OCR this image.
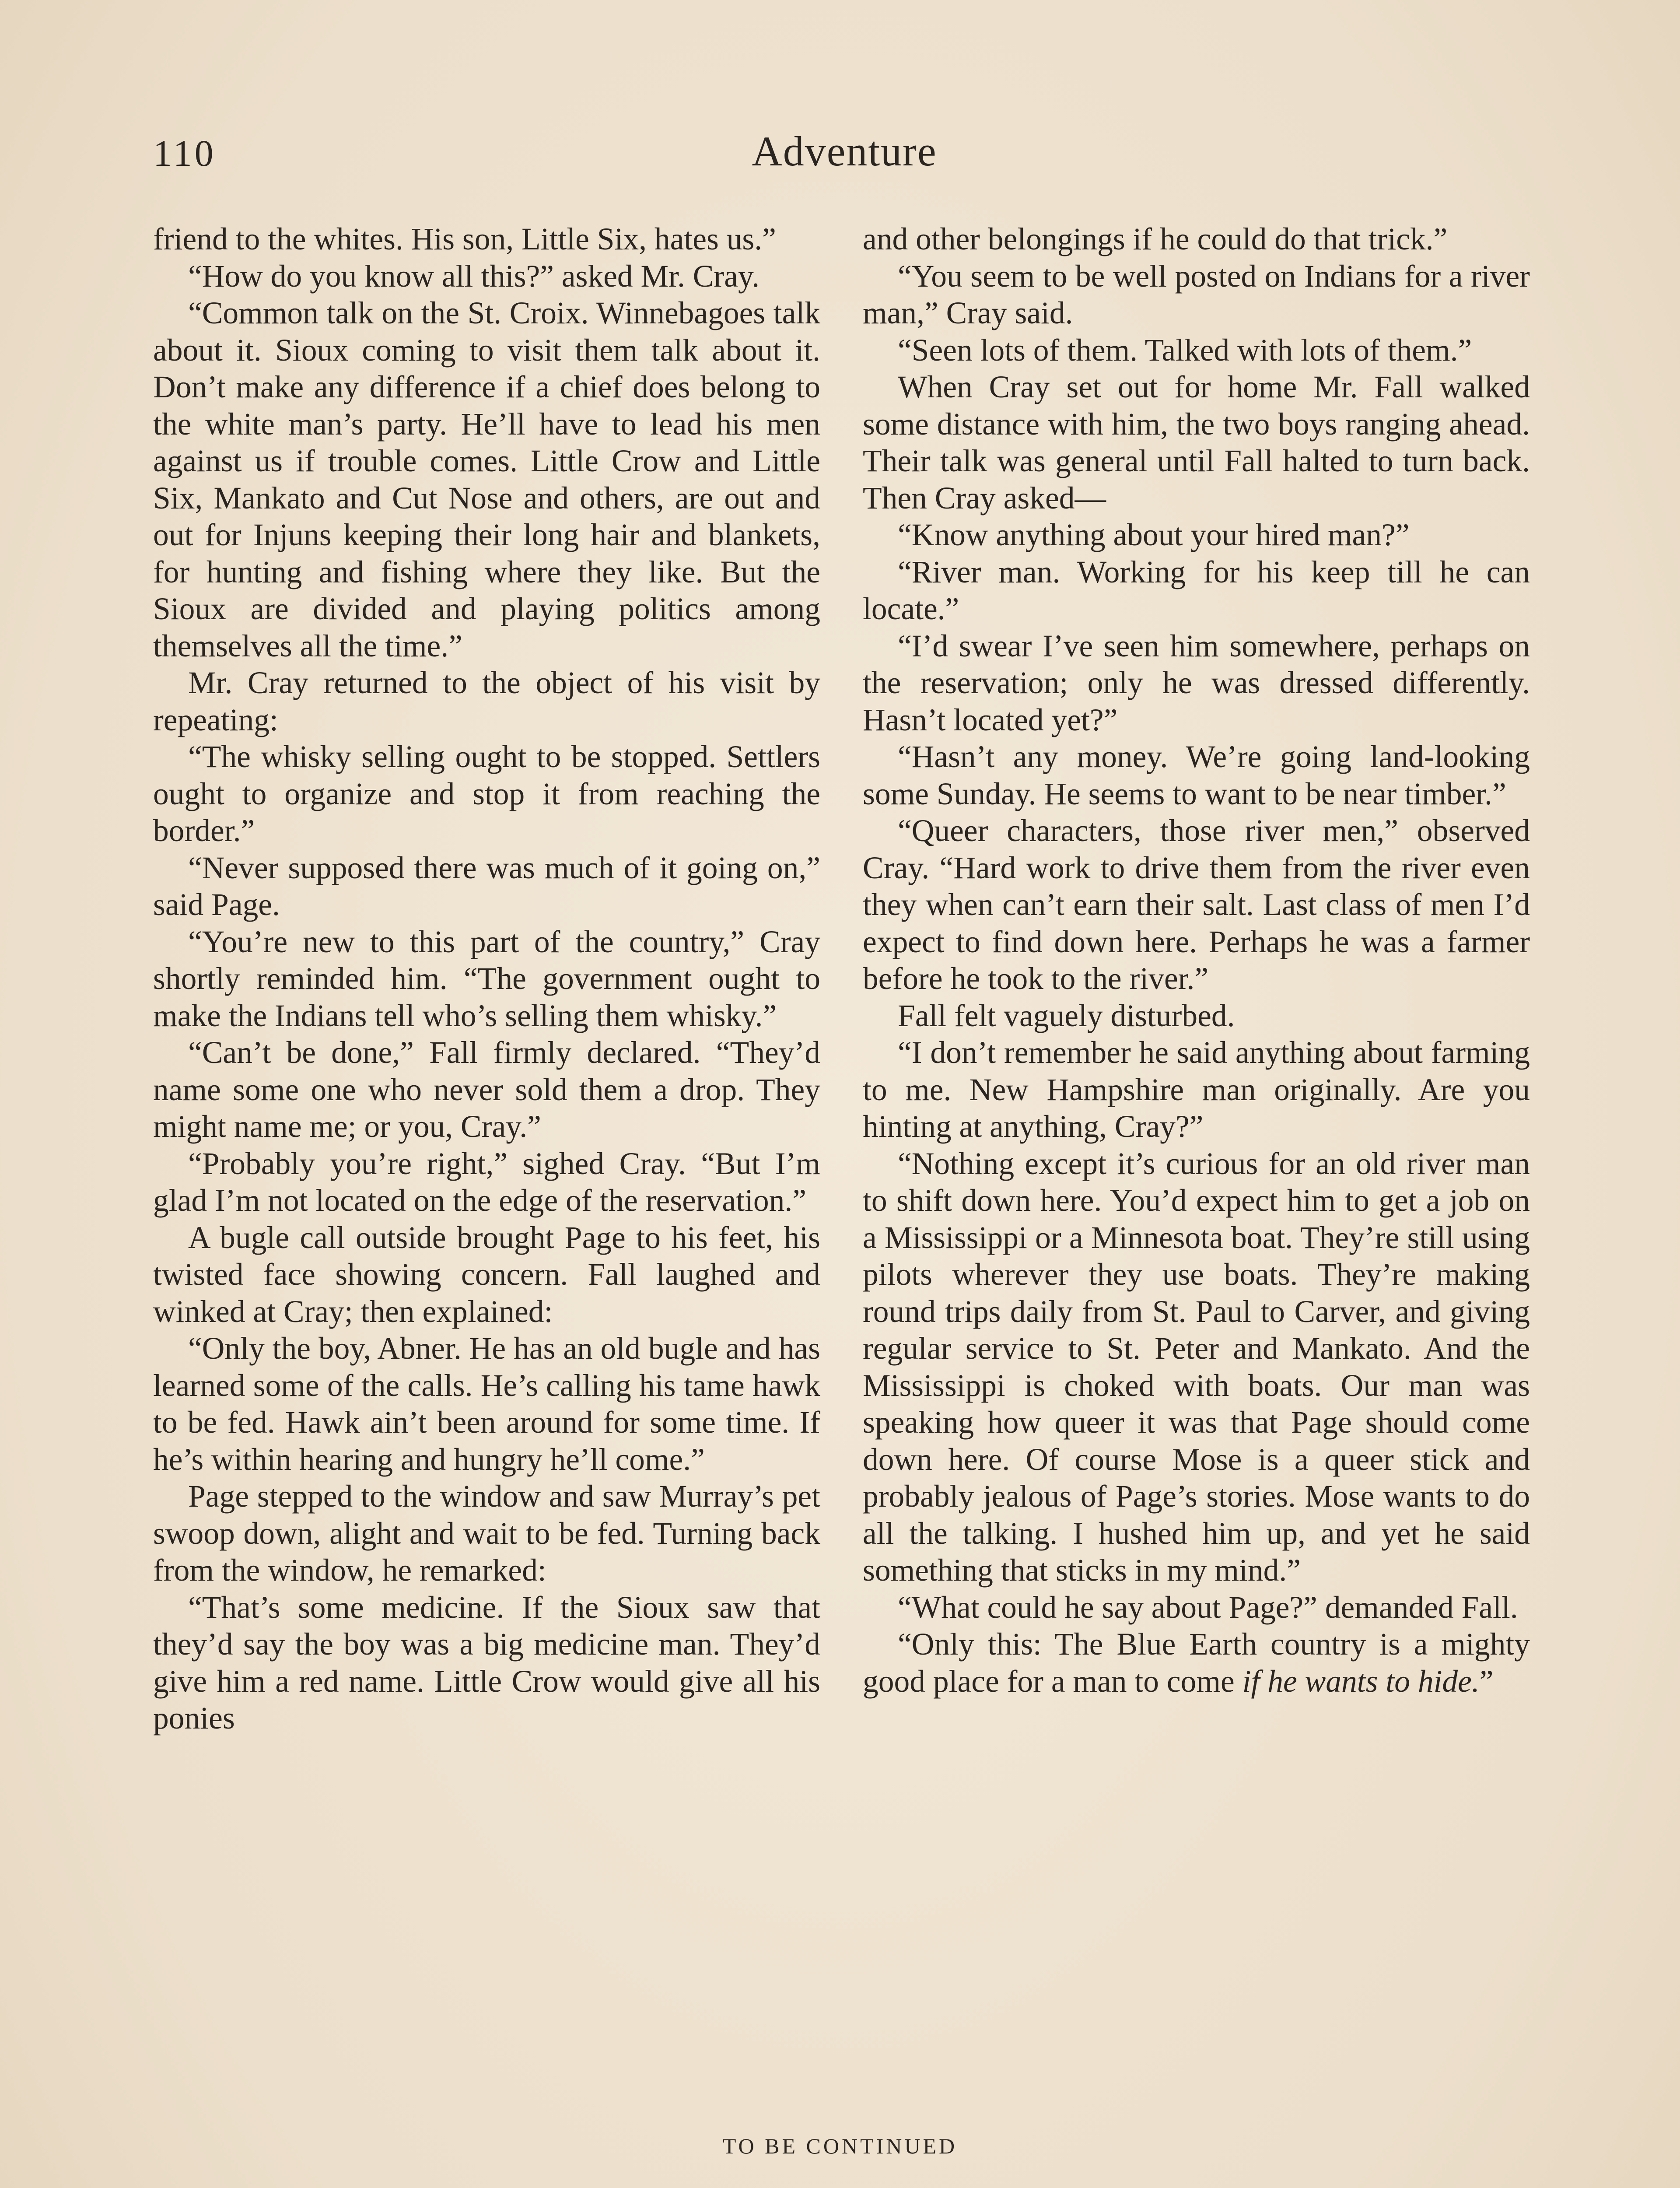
110	Adventure

friend to the whites. His son, Little Six, hates us.”

“How do you know all this?” asked Mr. Cray.

“Common talk on the St. Croix. Winnebagoes talk about it. Sioux coming to visit them talk about it. Don’t make any difference if a chief does belong to the white man’s party. He’ll have to lead his men against us if trouble comes. Little Crow and Little Six, Mankato and Cut Nose and others, are out and out for Injuns keeping their long hair and blankets, for hunting and fishing where they like. But the Sioux are divided and playing politics among themselves all the time.”

Mr. Cray returned to the object of his visit by repeating:

“The whisky selling ought to be stopped. Settlers ought to organize and stop it from reaching the border.”

“Never supposed there was much of it going on,” said Page.

“You’re new to this part of the country,” Cray shortly reminded him. “The government ought to make the Indians tell who’s selling them whisky.”

“Can’t be done,” Fall firmly declared. “They’d name some one who never sold them a drop. They might name me; or you, Cray.”

“Probably you’re right,” sighed Cray. “But I’m glad I’m not located on the edge of the reservation.”

A bugle call outside brought Page to his feet, his twisted face showing concern. Fall laughed and winked at Cray; then explained:

“Only the boy, Abner. He has an old bugle and has learned some of the calls. He’s calling his tame hawk to be fed. Hawk ain’t been around for some time. If he’s within hearing and hungry he’ll come.”

Page stepped to the window and saw Murray’s pet swoop down, alight and wait to be fed. Turning back from the window, he remarked:

“That’s some medicine. If the Sioux saw that they’d say the boy was a big medicine man. They’d give him a red name. Little Crow would give all his ponies

and other belongings if he could do that trick.”

“You seem to be well posted on Indians for a river man,” Cray said.

“Seen lots of them. Talked with lots of them.”

When Cray set out for home Mr. Fall walked some distance with him, the two boys ranging ahead. Their talk was general until Fall halted to turn back. Then Cray asked—

“Know anything about your hired man?”

“River man. Working for his keep till he can locate.”

“I’d swear I’ve seen him somewhere, perhaps on the reservation; only he was dressed differently. Hasn’t located yet?”

“Hasn’t any money. We’re going land-looking some Sunday. He seems to want to be near timber.”

“Queer characters, those river men,” observed Cray. “Hard work to drive them from the river even they when can’t earn their salt. Last class of men I’d expect to find down here. Perhaps he was a farmer before he took to the river.”

Fall felt vaguely disturbed.

“I don’t remember he said anything about farming to me. New Hampshire man originally. Are you hinting at anything, Cray?”

“Nothing except it’s curious for an old river man to shift down here. You’d expect him to get a job on a Mississippi or a Minnesota boat. They’re still using pilots wherever they use boats. They’re making round trips daily from St. Paul to Carver, and giving regular service to St. Peter and Mankato. And the Mississippi is choked with boats. Our man was speaking how queer it was that Page should come down here. Of course Mose is a queer stick and probably jealous of Page’s stories. Mose wants to do all the talking. I hushed him up, and yet he said something that sticks in my mind.”

“What could he say about Page?” demanded Fall.

“Only this: The Blue Earth country is a mighty good place for a man to come if he wants to hide.”

TO BE CONTINUED
